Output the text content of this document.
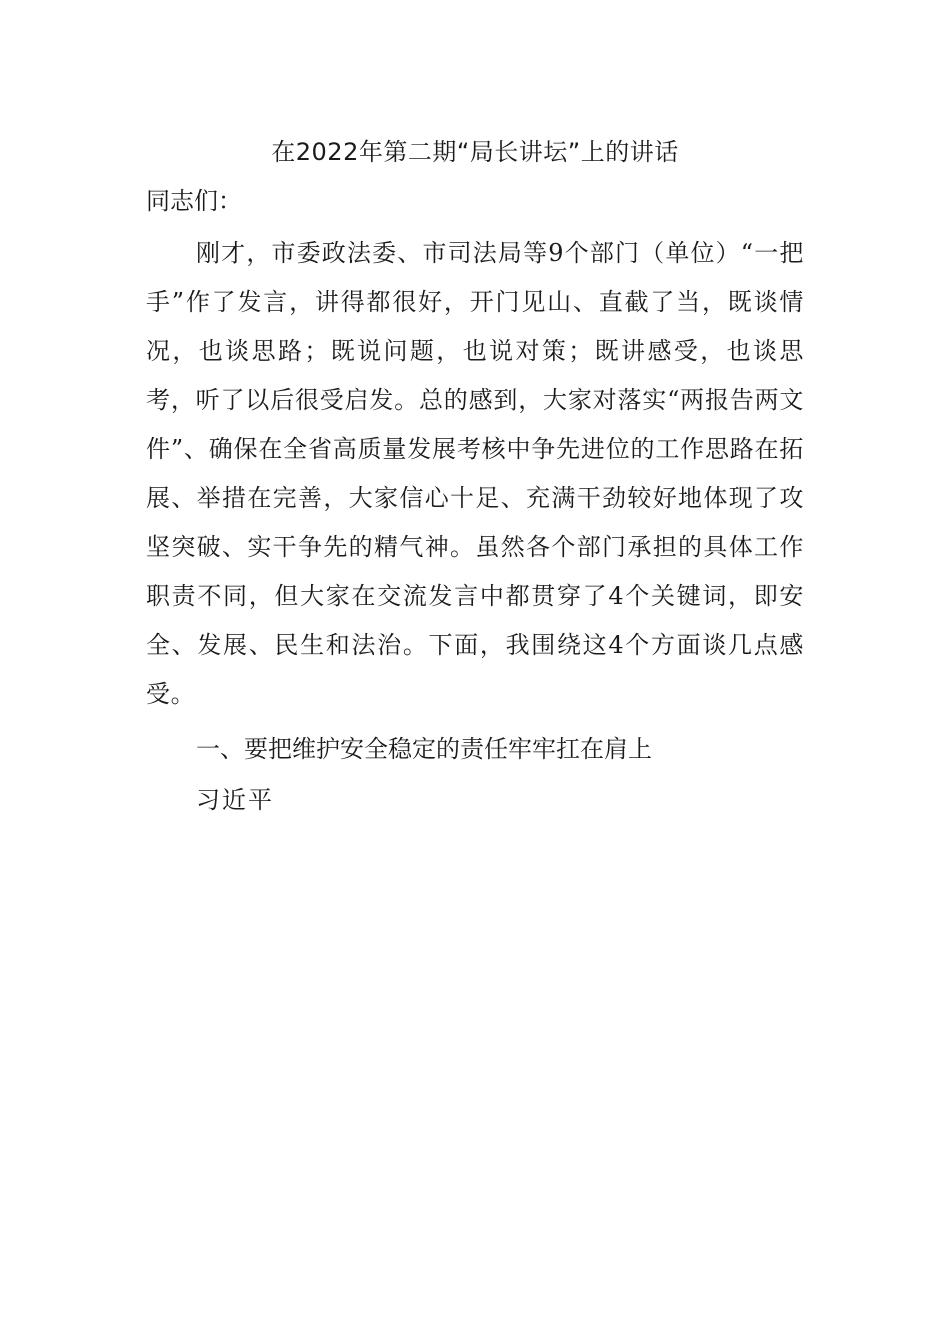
在2022年第二期“局长讲坛”上的讲话
同志们：
刚才，市委政法委、市司法局等9个部门（单位）“一把手”作了发言，讲得都很好，开门见山、直截了当，既谈情况，也谈思路；既说问题，也说对策；既讲感受，也谈思考，听了以后很受启发。总的感到，大家对落实“两报告两文件”、确保在全省高质量发展考核中争先进位的工作思路在拓展、举措在完善，大家信心十足、充满干劲较好地体现了攻坚突破、实干争先的精气神。虽然各个部门承担的具体工作职责不同，但大家在交流发言中都贯穿了4个关键词，即安全、发展、民生和法治。下面，我围绕这4个方面谈几点感受。
一、要把维护安全稳定的责任牢牢扛在肩上
习近平
